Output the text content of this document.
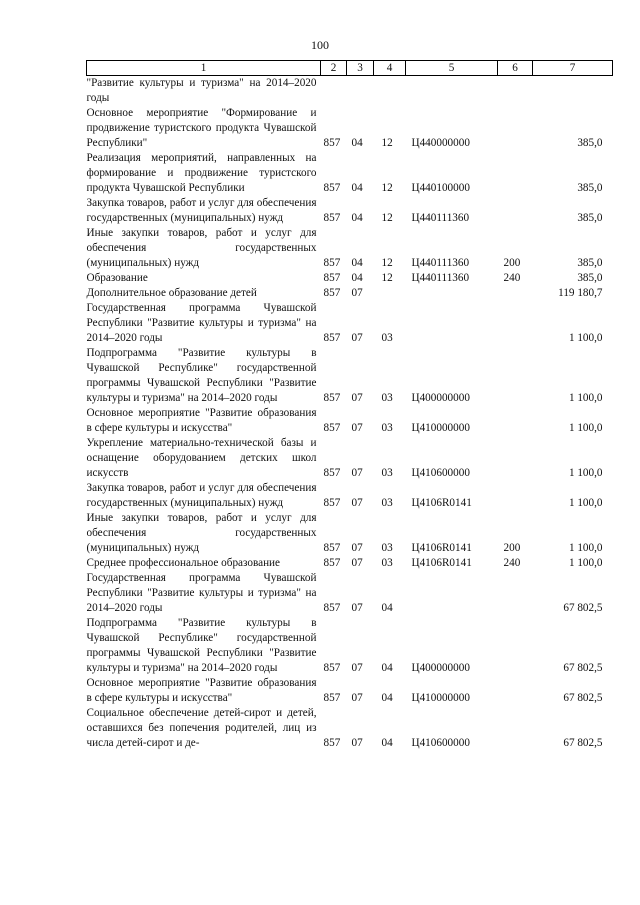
100
1	2	3	4	5	6	7
"Развитие культуры и туризма" на 2014–2020 годы						
Основное мероприятие "Формирование и продвижение туристского продукта Чувашской Республики"	857	04	12	Ц440000000		385,0
Реализация мероприятий, направленных на формирование и продвижение туристского продукта Чувашской Республики	857	04	12	Ц440100000		385,0
Закупка товаров, работ и услуг для обеспечения государственных (муниципальных) нужд	857	04	12	Ц440111360		385,0
Иные закупки товаров, работ и услуг для обеспечения государственных (муниципальных) нужд	857	04	12	Ц440111360	200	385,0
Образование	857	04	12	Ц440111360	240	385,0
Дополнительное образование детей	857	07				119 180,7
Государственная программа Чувашской Республики "Развитие культуры и туризма" на 2014–2020 годы	857	07	03			1 100,0
Подпрограмма "Развитие культуры в Чувашской Республике" государственной программы Чувашской Республики "Развитие культуры и туризма" на 2014–2020 годы	857	07	03	Ц400000000		1 100,0
Основное мероприятие "Развитие образования в сфере культуры и искусства"	857	07	03	Ц410000000		1 100,0
Укрепление материально-технической базы и оснащение оборудованием детских школ искусств	857	07	03	Ц410600000		1 100,0
Закупка товаров, работ и услуг для обеспечения государственных (муниципальных) нужд	857	07	03	Ц4106R0141		1 100,0
Иные закупки товаров, работ и услуг для обеспечения государственных (муниципальных) нужд	857	07	03	Ц4106R0141	200	1 100,0
Среднее профессиональное образование	857	07	03	Ц4106R0141	240	1 100,0
Государственная программа Чувашской Республики "Развитие культуры и туризма" на 2014–2020 годы	857	07	04			67 802,5
Подпрограмма "Развитие культуры в Чувашской Республике" государственной программы Чувашской Республики "Развитие культуры и туризма" на 2014–2020 годы	857	07	04	Ц400000000		67 802,5
Основное мероприятие "Развитие образования в сфере культуры и искусства"	857	07	04	Ц410000000		67 802,5
Социальное обеспечение детей-сирот и детей, оставшихся без попечения родителей, лиц из числа детей-сирот и де-	857	07	04	Ц410600000		67 802,5
